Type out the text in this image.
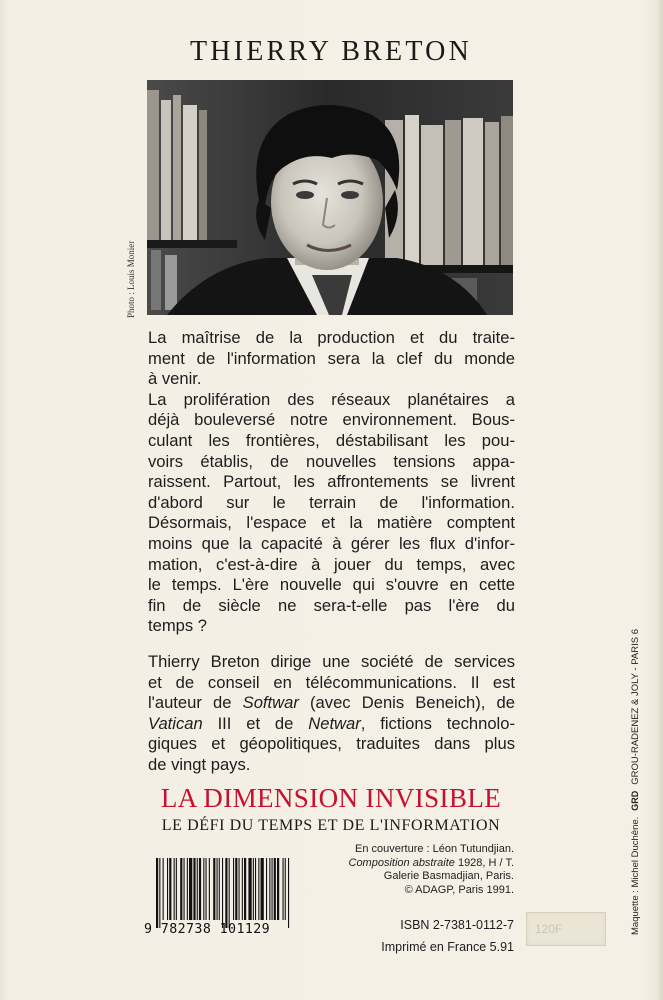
THIERRY BRETON
Photo : Louis Monier

La maîtrise de la production et du traite-

ment de l'information sera la clef du monde

à venir.

La prolifération des réseaux planétaires a

déjà bouleversé notre environnement. Bous-

culant les frontières, déstabilisant les pou-

voirs établis, de nouvelles tensions appa-

raissent. Partout, les affrontements se livrent

d'abord sur le terrain de l'information.

Désormais, l'espace et la matière comptent

moins que la capacité à gérer les flux d'infor-

mation, c'est-à-dire à jouer du temps, avec

le temps. L'ère nouvelle qui s'ouvre en cette

fin de siècle ne sera-t-elle pas l'ère du

temps ?

Thierry Breton dirige une société de services

et de conseil en télécommunications. Il est

l'auteur de Softwar (avec Denis Beneich), de

Vatican III et de Netwar, fictions technolo-

giques et géopolitiques, traduites dans plus

de vingt pays.

LA DIMENSION INVISIBLE
LE DÉFI DU TEMPS ET DE L'INFORMATION
9 782738 101129
En couverture : Léon Tutundjian.
Composition abstraite 1928, H / T.
Galerie Basmadjian, Paris.
© ADAGP, Paris 1991.
ISBN 2-7381-0112-7
Imprimé en France 5.91
120F	Maquette : Michel Duchêne.GRDGROU-RADENEZ & JOLY - PARIS 6
